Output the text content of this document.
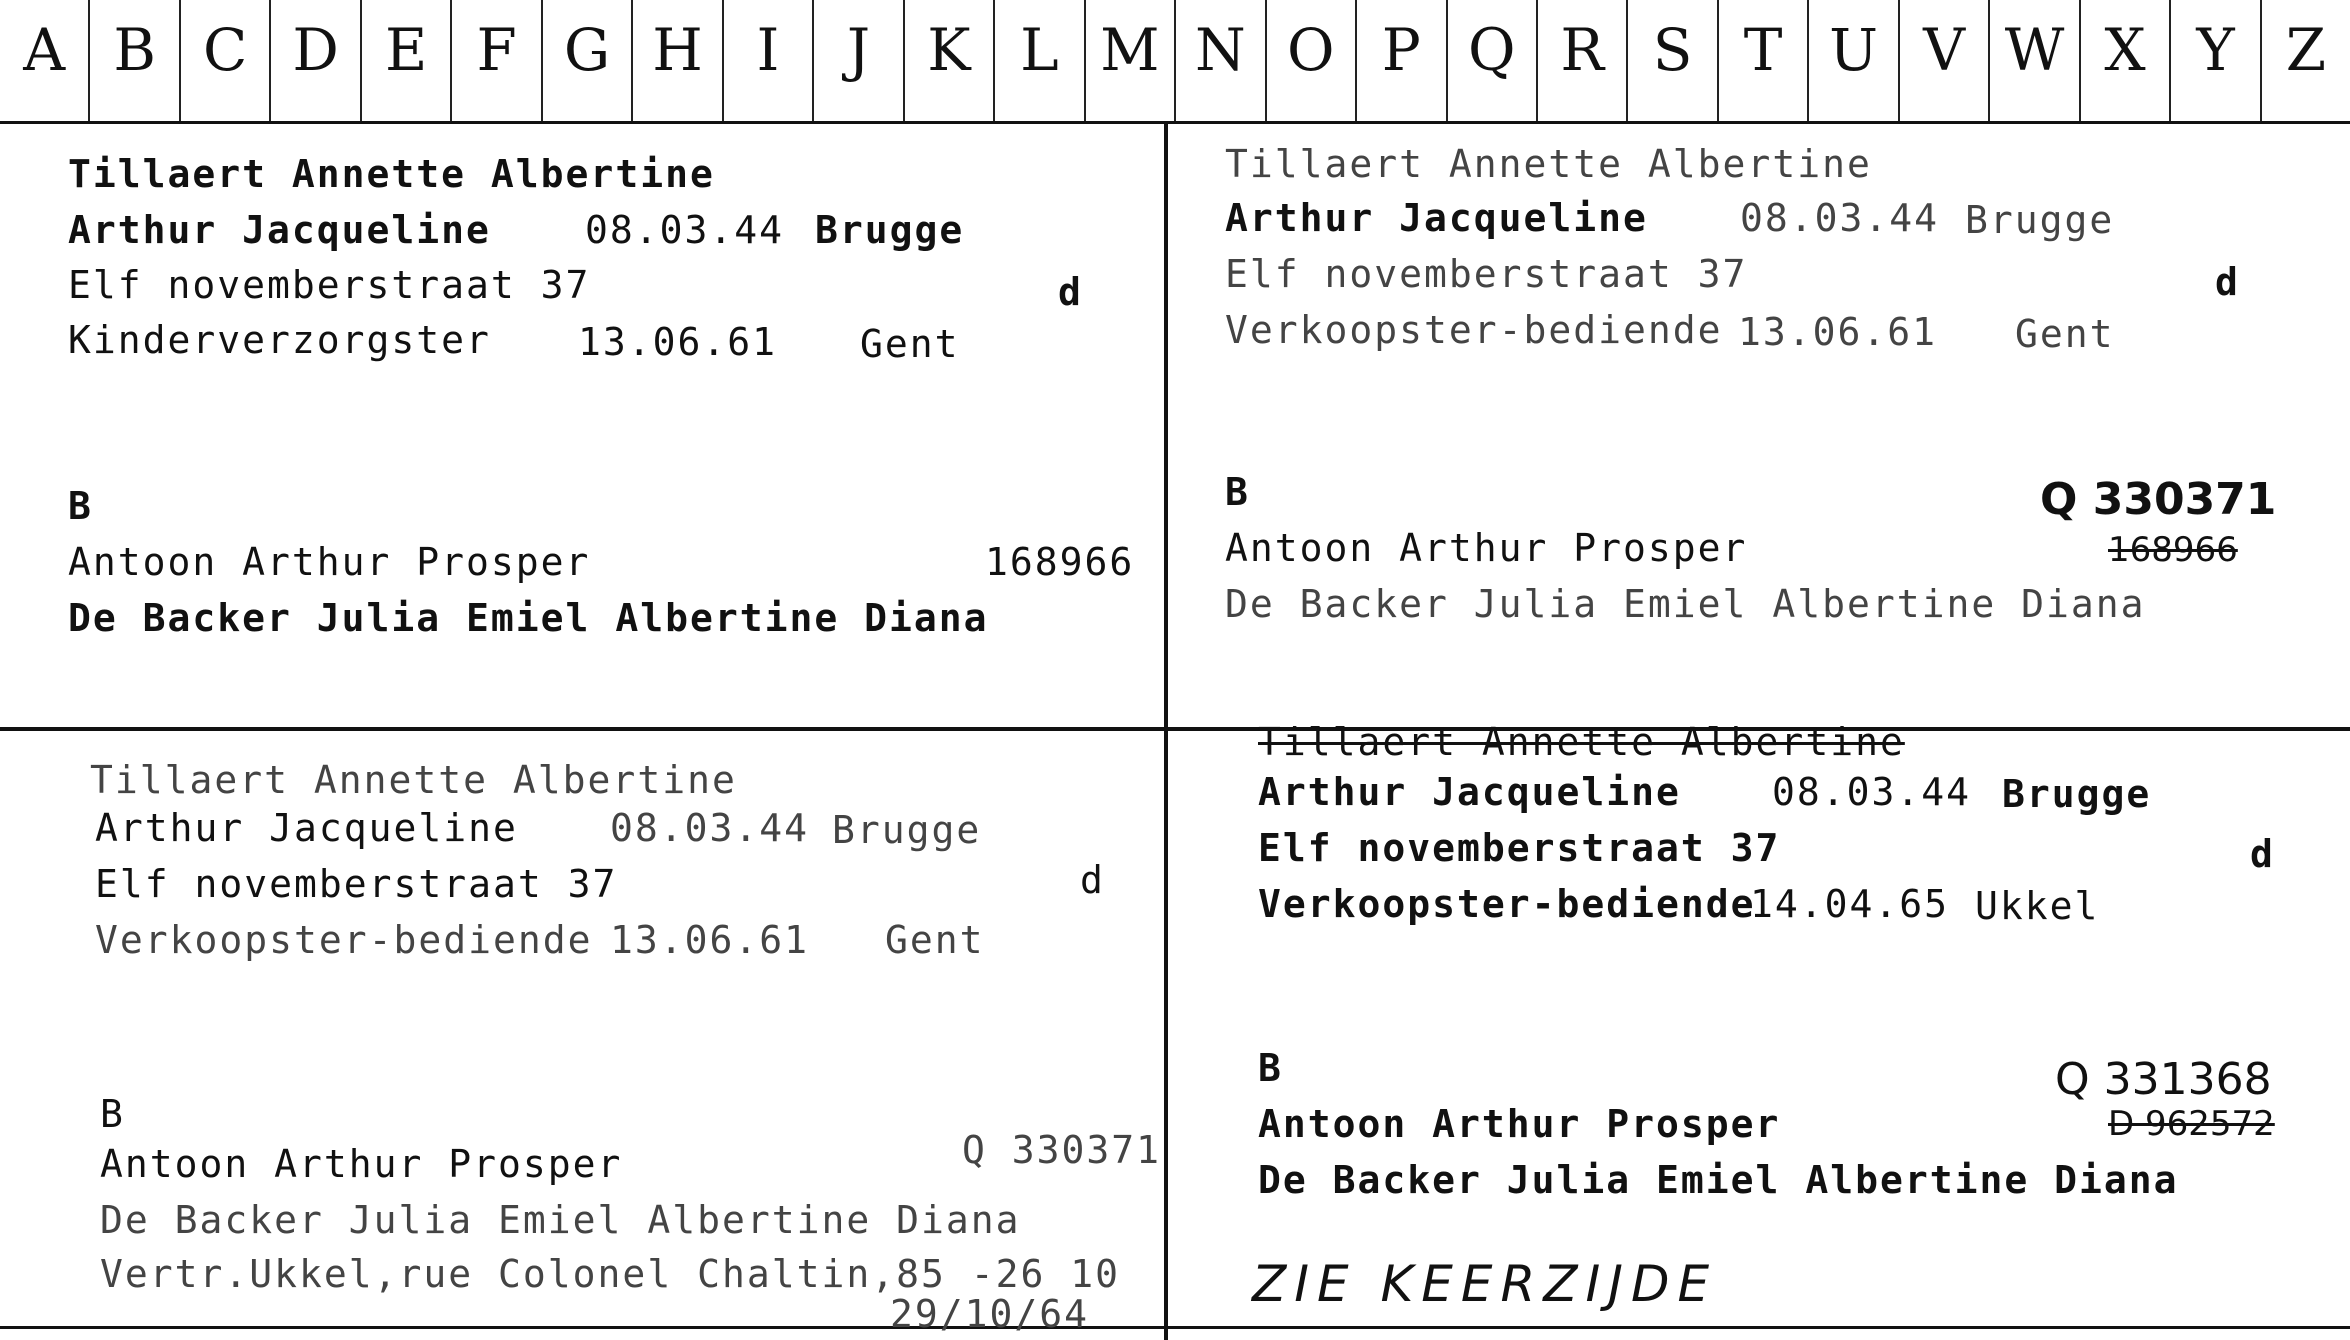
A B C D E F G H I	J K L M N O P Q R S T U V W X Y Z
Tillaert Annette Albertine
Arthur Jacqueline 08.03.44 Brugge
Elf novemberstraat 37	d
Kinderverzorgster 13.06.61 Gent
B
Antoon Arthur Prosper	168966
De Backer Julia Emiel Albertine Diana
Tillaert Annette Albertine
Arthur Jacqueline 08.03.44 Brugge
Elf novemberstraat 37	d
Verkoopster-bediende 13.06.61 Gent
B
Antoon Arthur Prosper
Q 330371
168966
De Backer Julia Emiel Albertine Diana
Tillaert Annette Albertine
Arthur Jacqueline 08.03.44 Brugge
Elf novemberstraat 37	d
Verkoopster-bediende 13.06.61 Gent
B
Antoon Arthur Prosper	Q 330371
De Backer Julia Emiel Albertine Diana
Vertr.Ukkel,rue Colonel Chaltin,85 -26 10
29/10/64
Tillaert Annette Albertine
Arthur Jacqueline 08.03.44 Brugge
Elf novemberstraat 37	d
Verkoopster-bediende
14.04.65 Ukkel
B
Antoon Arthur Prosper
Q 331368
D 962572
De Backer Julia Emiel Albertine Diana
ZIE KEERZIJDE
